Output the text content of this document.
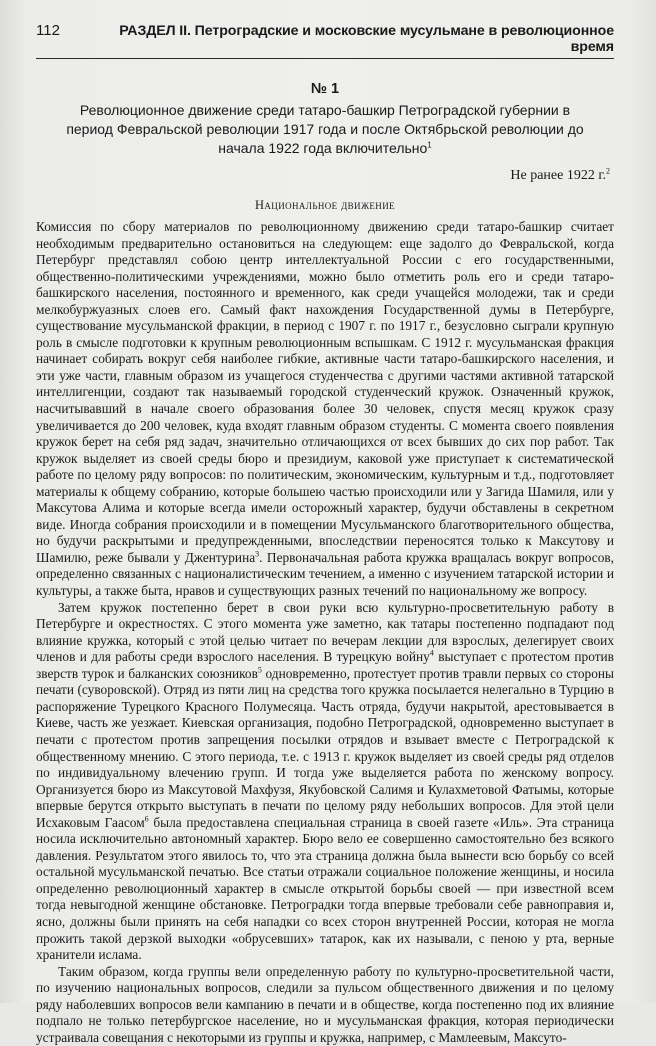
112	РАЗДЕЛ II. Петроградские и московские мусульмане в революционное время
№ 1
Революционное движение среди татаро-башкир Петроградской губернии в период Февральской революции 1917 года и после Октябрьской революции до начала 1922 года включительно$^1$
Не ранее 1922 г.$^2$
Национальное движение

Комиссия по сбору материалов по революционному движению среди татаро-башкир считает необходимым предварительно остановиться на следующем: еще задолго до Февральской, когда Петербург представлял собою центр интеллектуальной России с его государственными, общественно-политическими учреждениями, можно было отметить роль его и среди татаро-башкирского населения, постоянного и временного, как среди учащейся молодежи, так и среди мелкобуржуазных слоев его. Самый факт нахождения Государственной думы в Петербурге, существование мусульманской фракции, в период с 1907 г. по 1917 г., безусловно сыграли крупную роль в смысле подготовки к крупным революционным вспышкам. С 1912 г. мусульманская фракция начинает собирать вокруг себя наиболее гибкие, активные части татаро-башкирского населения, и эти уже части, главным образом из учащегося студенчества с другими частями активной татарской интеллигенции, создают так называемый городской студенческий кружок. Означенный кружок, насчитывавший в начале своего образования более 30 человек, спустя месяц кружок сразу увеличивается до 200 человек, куда входят главным образом студенты. С момента своего появления кружок берет на себя ряд задач, значительно отличающихся от всех бывших до сих пор работ. Так кружок выделяет из своей среды бюро и президиум, каковой уже приступает к систематической работе по целому ряду вопросов: по политическим, экономическим, культурным и т.д., подготовляет материалы к общему собранию, которые большею частью происходили или у Загида Шамиля, или у Максутова Алима и которые всегда имели осторожный характер, будучи обставлены в секретном виде. Иногда собрания происходили и в помещении Мусульманского благотворительного общества, но будучи раскрытыми и предупрежденными, впоследствии переносятся только к Максутову и Шамилю, реже бывали у Джентурина$^3$. Первоначальная работа кружка вращалась вокруг вопросов, определенно связанных с националистическим течением, а именно с изучением татарской истории и культуры, а также быта, нравов и существующих разных течений по национальному же вопросу.

Затем кружок постепенно берет в свои руки всю культурно-просветительную работу в Петербурге и окрестностях. С этого момента уже заметно, как татары постепенно подпадают под влияние кружка, который с этой целью читает по вечерам лекции для взрослых, делегирует своих членов и для работы среди взрослого населения. В турецкую войну$^4$ выступает с протестом против зверств турок и балканских союзников$^5$ одновременно, протестует против травли первых со стороны печати (суворовской). Отряд из пяти лиц на средства того кружка посылается нелегально в Турцию в распоряжение Турецкого Красного Полумесяца. Часть отряда, будучи накрытой, арестовывается в Киеве, часть же уезжает. Киевская организация, подобно Петроградской, одновременно выступает в печати с протестом против запрещения посылки отрядов и взывает вместе с Петроградской к общественному мнению. С этого периода, т.е. с 1913 г. кружок выделяет из своей среды ряд отделов по индивидуальному влечению групп. И тогда уже выделяется работа по женскому вопросу. Организуется бюро из Максутовой Махфузя, Якубовской Салимя и Кулахметовой Фатымы, которые впервые берутся открыто выступать в печати по целому ряду небольших вопросов. Для этой цели Исхаковым Гаасом$^6$ была предоставлена специальная страница в своей газете «Иль». Эта страница носила исключительно автономный характер. Бюро вело ее совершенно самостоятельно без всякого давления. Результатом этого явилось то, что эта страница должна была вынести всю борьбу со всей остальной мусульманской печатью. Все статьи отражали социальное положение женщины, и носила определенно революционный характер в смысле открытой борьбы своей — при известной всем тогда невыгодной женщине обстановке. Петроградки тогда впервые требовали себе равноправия и, ясно, должны были принять на себя нападки со всех сторон внутренней России, которая не могла прожить такой дерзкой выходки «обрусевших» татарок, как их называли, с пеною у рта, верные хранители ислама.

Таким образом, когда группы вели определенную работу по культурно-просветительной части, по изучению национальных вопросов, следили за пульсом общественного движения и по целому ряду наболевших вопросов вели кампанию в печати и в обществе, когда постепенно под их влияние подпало не только петербургское население, но и мусульманская фракция, которая периодически устраивала совещания с некоторыми из группы и кружка, например, с Мамлеевым, Максуто-
